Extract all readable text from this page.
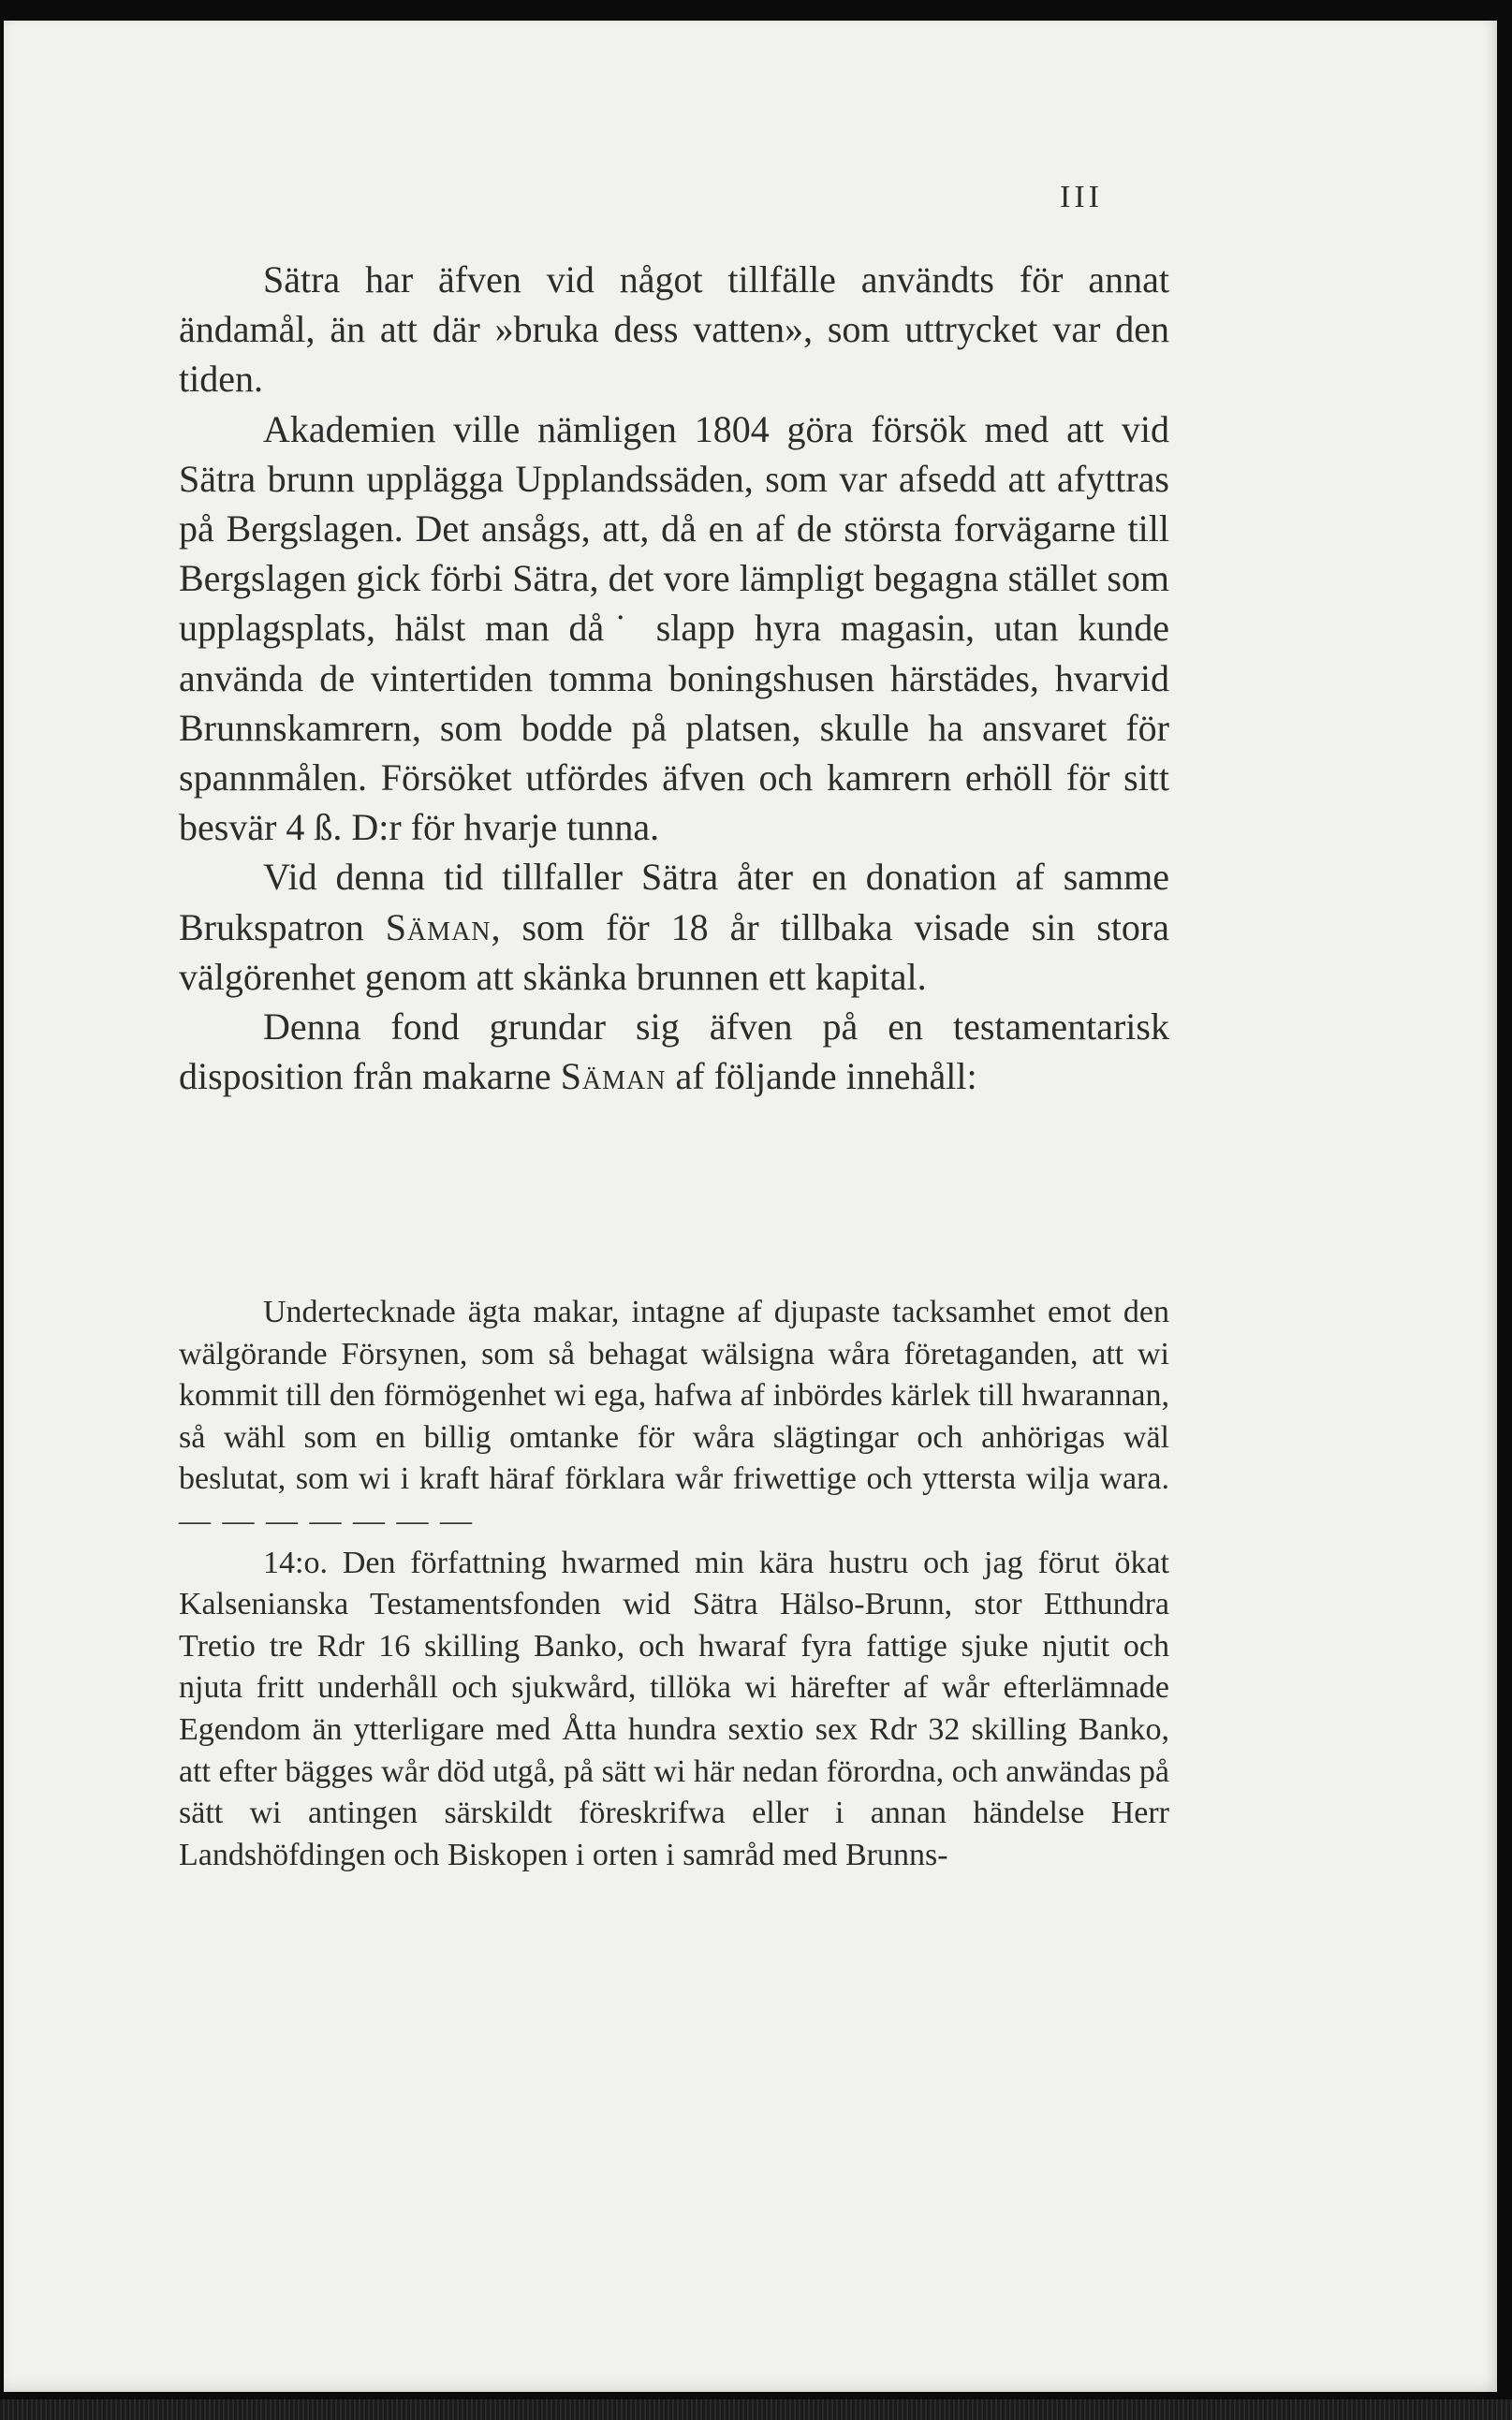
III

Sätra har äfven vid något tillfälle användts för annat ändamål, än att där »bruka dess vatten», som uttrycket var den tiden.

Akademien ville nämligen 1804 göra försök med att vid Sätra brunn upplägga Upplandssäden, som var afsedd att afyttras på Bergslagen. Det ansågs, att, då en af de största forvägarne till Bergslagen gick förbi Sätra, det vore lämpligt begagna stället som upplagsplats, hälst man då˙ slapp hyra magasin, utan kunde använda de vintertiden tomma boningshusen härstädes, hvarvid Brunnskamrern, som bodde på platsen, skulle ha ansvaret för spannmålen. Försöket utfördes äfven och kamrern erhöll för sitt besvär 4 ß. D:r för hvarje tunna.

Vid denna tid tillfaller Sätra åter en donation af samme Brukspatron Säman, som för 18 år tillbaka visade sin stora välgörenhet genom att skänka brunnen ett kapital.

Denna fond grundar sig äfven på en testamentarisk disposition från makarne Säman af följande innehåll:

Undertecknade ägta makar, intagne af djupaste tacksamhet emot den wälgörande Försynen, som så behagat wälsigna wåra företaganden, att wi kommit till den förmögenhet wi ega, hafwa af inbördes kärlek till hwarannan, så wähl som en billig omtanke för wåra slägtingar och anhörigas wäl beslutat, som wi i kraft häraf förklara wår friwettige och yttersta wilja wara. — — — — — — —

14:o. Den författning hwarmed min kära hustru och jag förut ökat Kalsenianska Testamentsfonden wid Sätra Hälso-Brunn, stor Etthundra Tretio tre Rdr 16 skilling Banko, och hwaraf fyra fattige sjuke njutit och njuta fritt underhåll och sjukwård, tillöka wi härefter af wår efterlämnade Egendom än ytterligare med Åtta hundra sextio sex Rdr 32 skilling Banko, att efter bägges wår död utgå, på sätt wi här nedan förordna, och anwändas på sätt wi antingen särskildt föreskrifwa eller i annan händelse Herr Landshöfdingen och Biskopen i orten i samråd med Brunns-
